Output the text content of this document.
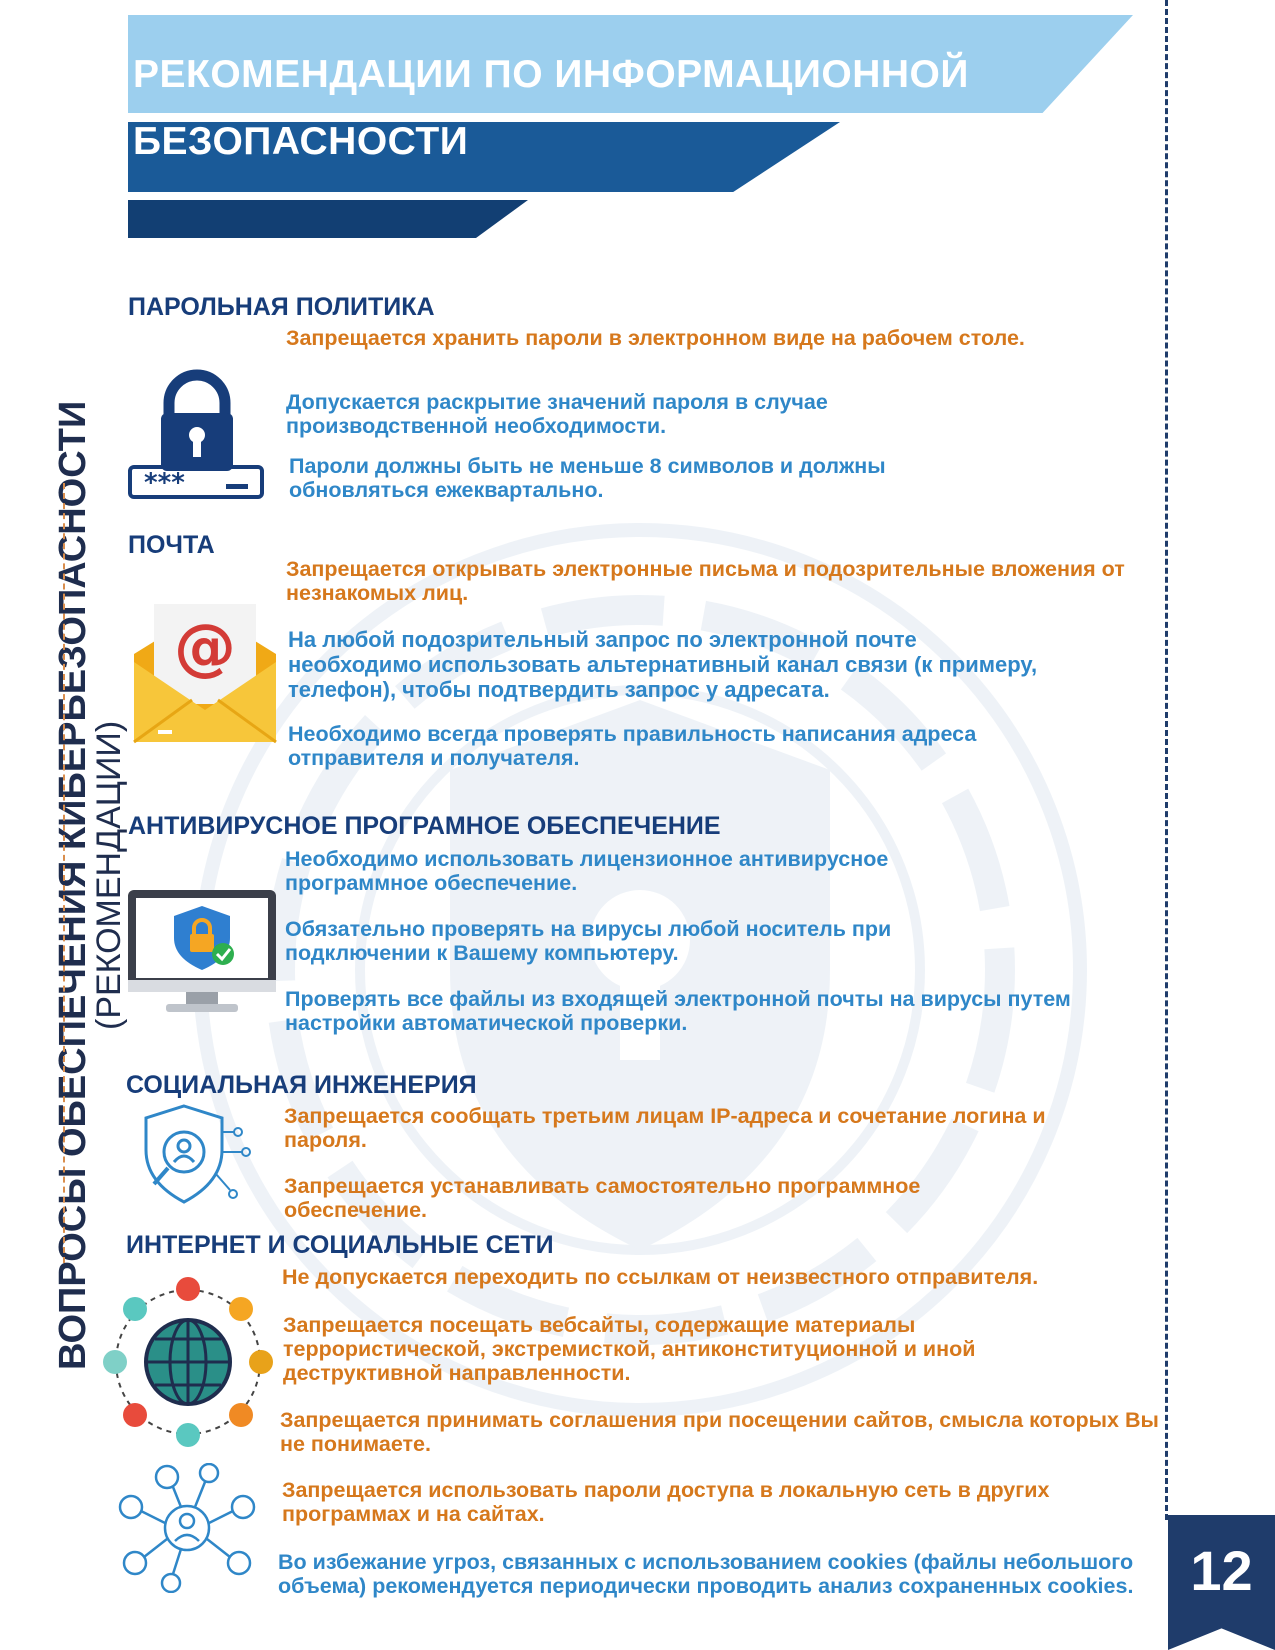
РЕКОМЕНДАЦИИ ПО ИНФОРМАЦИОННОЙ
БЕЗОПАСНОСТИ
12
ВОПРОСЫ ОБЕСПЕЧЕНИЯ КИБЕРБЕЗОПАСНОСТИ
(РЕКОМЕНДАЦИИ)
ПАРОЛЬНАЯ ПОЛИТИКА
***
Запрещается хранить пароли в электронном виде на рабочем столе.
Допускается раскрытие значений пароля в случае производственной необходимости.
Пароли должны быть не меньше 8 символов и должны обновляться ежеквартально.
ПОЧТА
@
Запрещается открывать электронные письма и подозрительные вложения от незнакомых лиц.
На любой подозрительный запрос по электронной почте необходимо использовать альтернативный канал связи (к примеру, телефон), чтобы подтвердить запрос у адресата.
Необходимо всегда проверять правильность написания адреса отправителя и получателя.
АНТИВИРУСНОЕ ПРОГРАМНОЕ ОБЕСПЕЧЕНИЕ
Необходимо использовать лицензионное антивирусное программное обеспечение.
Обязательно проверять на вирусы любой носитель при подключении к Вашему компьютеру.
Проверять все файлы из входящей электронной почты на вирусы путем настройки автоматической проверки.
СОЦИАЛЬНАЯ ИНЖЕНЕРИЯ
Запрещается сообщать третьим лицам IP-адреса и сочетание логина и пароля.
Запрещается устанавливать самостоятельно программное обеспечение.
ИНТЕРНЕТ И СОЦИАЛЬНЫЕ СЕТИ
Не допускается переходить по ссылкам от неизвестного отправителя.
Запрещается посещать вебсайты, содержащие материалы террористической, экстремисткой, антиконституционной и иной деструктивной направленности.
Запрещается принимать соглашения при посещении сайтов, смысла которых Вы не понимаете.
Запрещается использовать пароли доступа в локальную сеть в других программах и на сайтах.
Во избежание угроз, связанных с использованием cookies (файлы небольшого объема) рекомендуется периодически проводить анализ сохраненных cookies.
